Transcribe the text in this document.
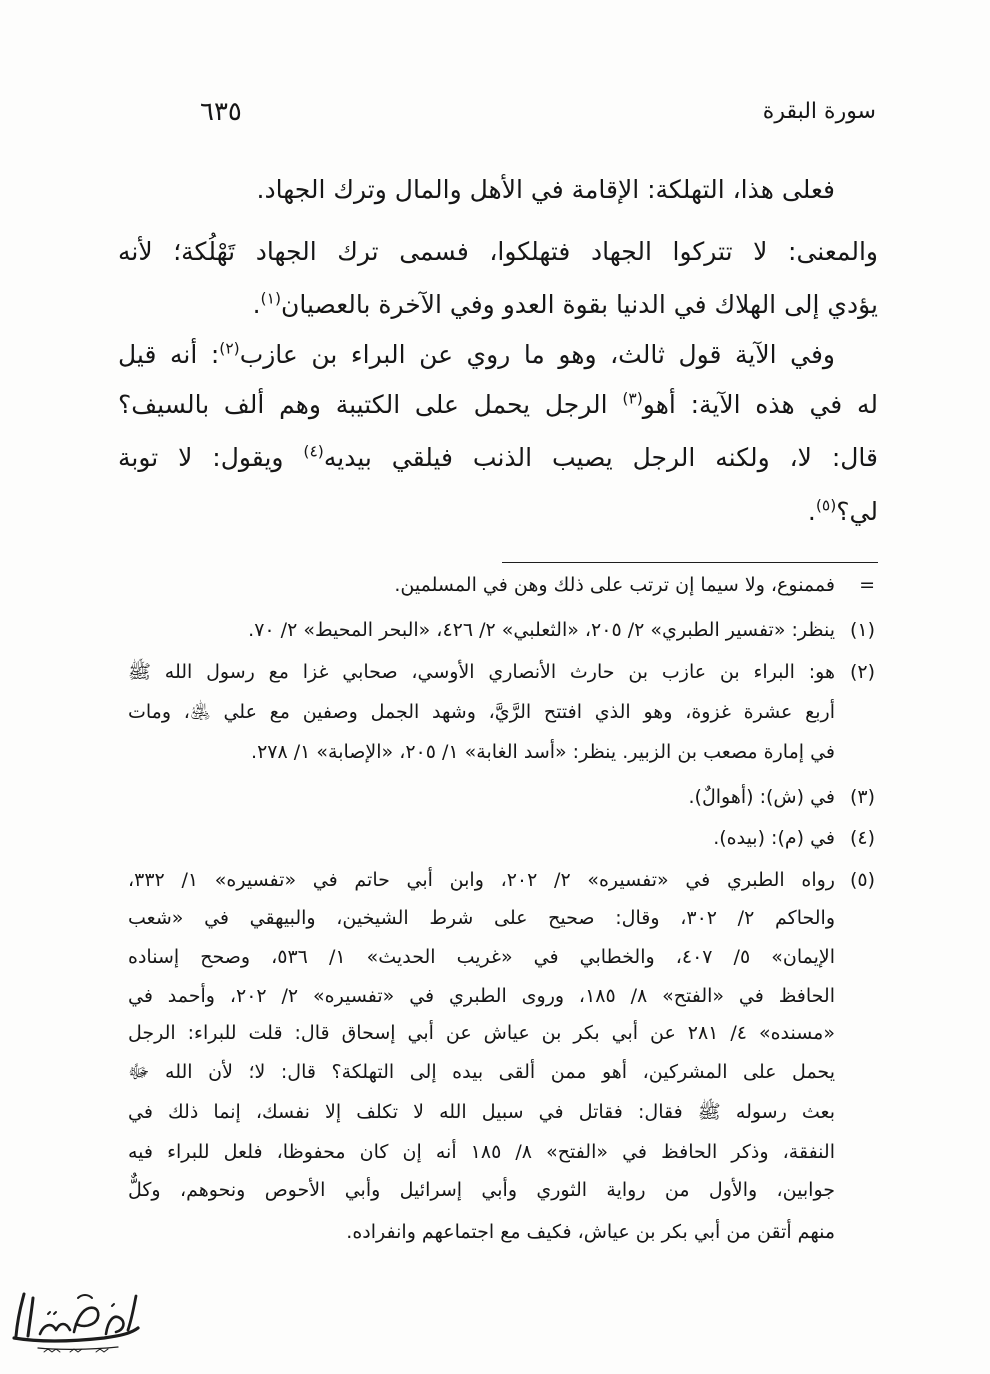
سورة البقرة
٦٣٥
فعلى هذا، التهلكة: الإقامة في الأهل والمال وترك الجهاد.
والمعنى: لا تتركوا الجهاد فتهلكوا، فسمى ترك الجهاد تَهْلُكة؛ لأنه
يؤدي إلى الهلاك في الدنيا بقوة العدو وفي الآخرة بالعصيان$^{(١)}$.
وفي الآية قول ثالث، وهو ما روي عن البراء بن عازب$^{(٢)}$: أنه قيل
له في هذه الآية: أهو$^{(٣)}$ الرجل يحمل على الكتيبة وهم ألف بالسيف؟
قال: لا، ولكنه الرجل يصيب الذنب فيلقي بيديه$^{(٤)}$ ويقول: لا توبة
لي؟$^{(٥)}$.
=
فممنوع، ولا سيما إن ترتب على ذلك وهن في المسلمين.
(١)
ينظر: «تفسير الطبري» ٢/ ٢٠٥، «الثعلبي» ٢/ ٤٢٦، «البحر المحيط» ٢/ ٧٠.
(٢)
هو: البراء بن عازب بن حارث الأنصاري الأوسي، صحابي غزا مع رسول الله ﷺ
أربع عشرة غزوة، وهو الذي افتتح الرَّيَّ، وشهد الجمل وصفين مع علي ﵁، ومات
في إمارة مصعب بن الزبير. ينظر: «أسد الغابة» ١/ ٢٠٥، «الإصابة» ١/ ٢٧٨.
(٣)
في (ش): (أهوالٌ).
(٤)
في (م): (بيده).
(٥)
رواه الطبري في «تفسيره» ٢/ ٢٠٢، وابن أبي حاتم في «تفسيره» ١/ ٣٣٢،
والحاكم ٢/ ٣٠٢، وقال: صحيح على شرط الشيخين، والبيهقي في «شعب
الإيمان» ٥/ ٤٠٧، والخطابي في «غريب الحديث» ١/ ٥٣٦، وصحح إسناده
الحافظ في «الفتح» ٨/ ١٨٥، وروى الطبري في «تفسيره» ٢/ ٢٠٢، وأحمد في
«مسنده» ٤/ ٢٨١ عن أبي بكر بن عياش عن أبي إسحاق قال: قلت للبراء: الرجل
يحمل على المشركين، أهو ممن ألقى بيده إلى التهلكة؟ قال: لا؛ لأن الله ﷻ
بعث رسوله ﷺ فقال: فقاتل في سبيل الله لا تكلف إلا نفسك، إنما ذلك في
النفقة، وذكر الحافظ في «الفتح» ٨/ ١٨٥ أنه إن كان محفوظا، فلعل للبراء فيه
جوابين، والأول من رواية الثوري وأبي إسرائيل وأبي الأحوص ونحوهم، وكلٌّ
منهم أتقن من أبي بكر بن عياش، فكيف مع اجتماعهم وانفراده.
